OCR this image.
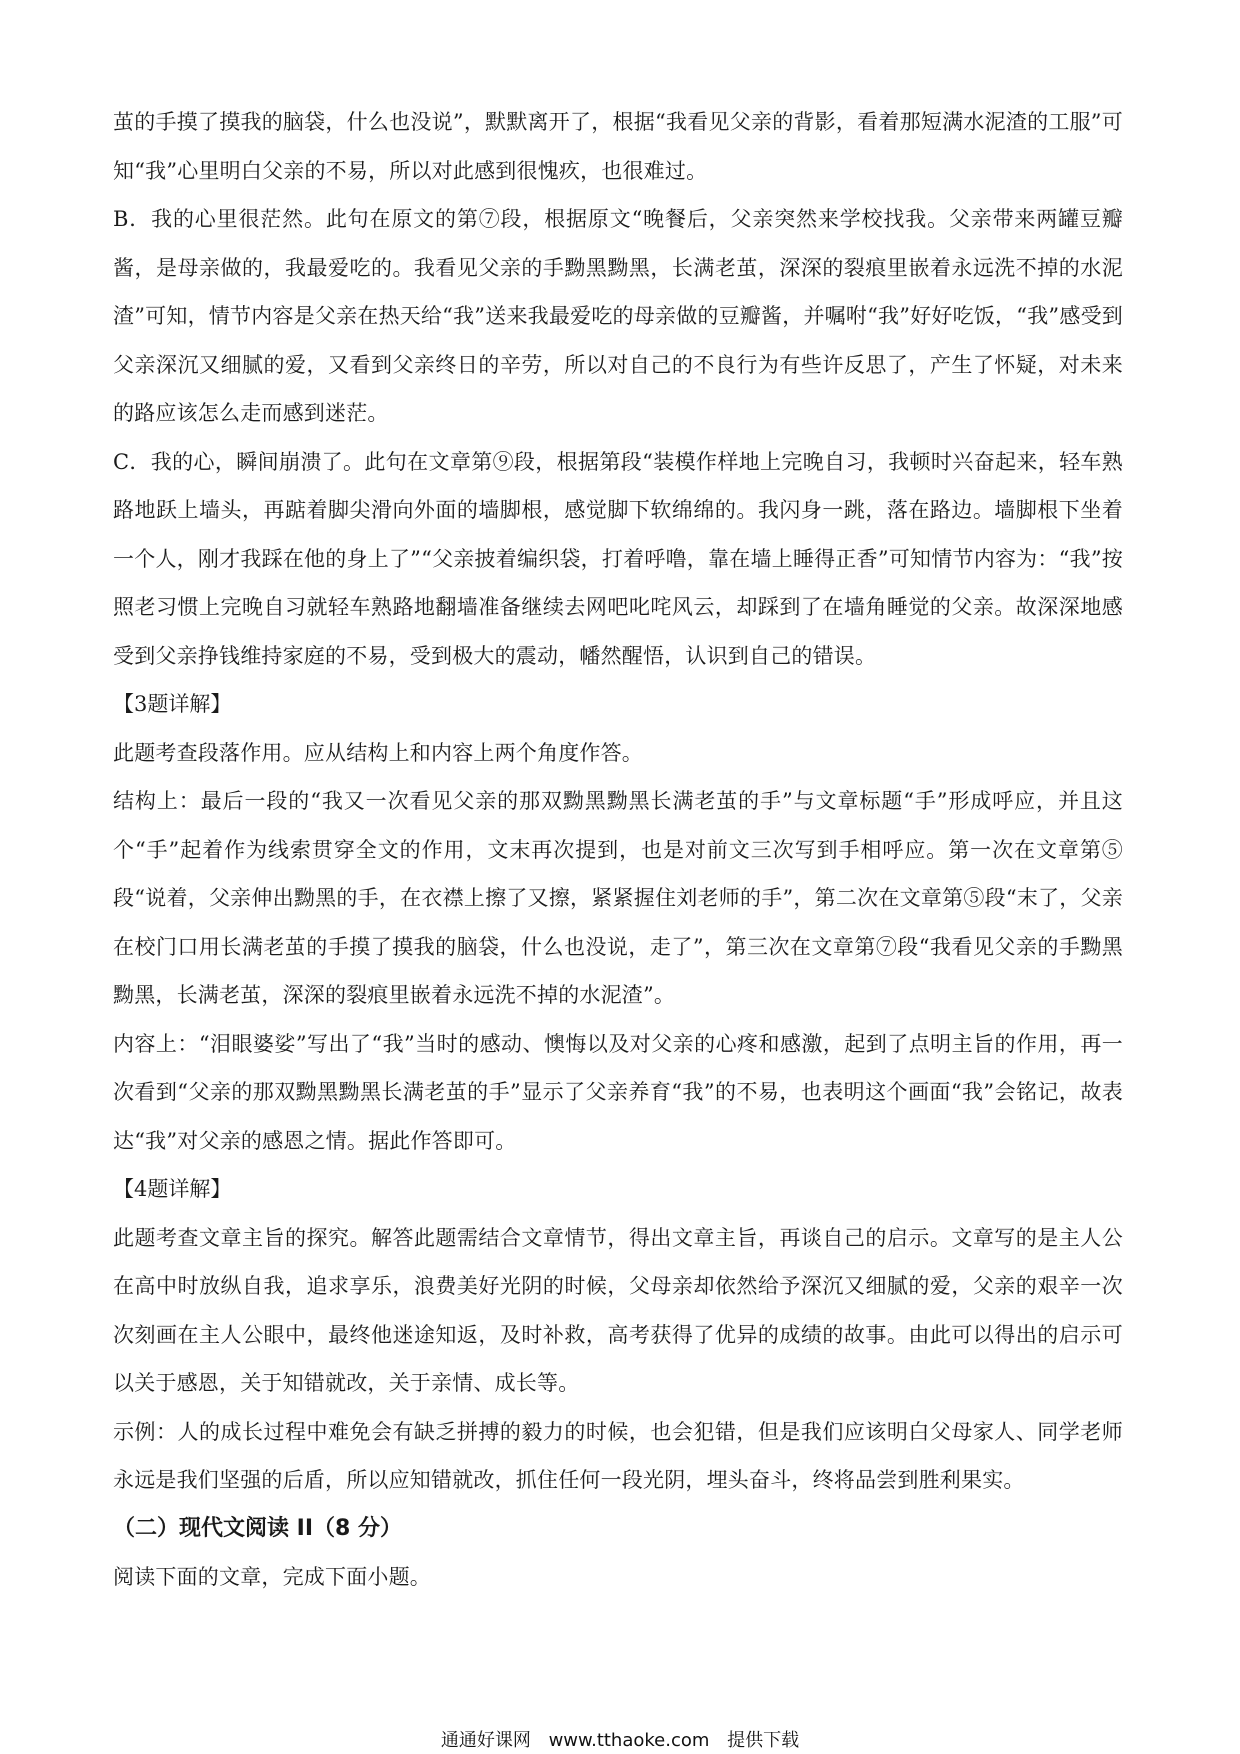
茧的手摸了摸我的脑袋，什么也没说”，默默离开了，根据“我看见父亲的背影，看着那短满水泥渣的工服”可知“我”心里明白父亲的不易，所以对此感到很愧疚，也很难过。

B．我的心里很茫然。此句在原文的第⑦段，根据原文“晚餐后，父亲突然来学校找我。父亲带来两罐豆瓣酱，是母亲做的，我最爱吃的。我看见父亲的手黝黑黝黑，长满老茧，深深的裂痕里嵌着永远洗不掉的水泥渣”可知，情节内容是父亲在热天给“我”送来我最爱吃的母亲做的豆瓣酱，并嘱咐“我”好好吃饭，“我”感受到父亲深沉又细腻的爱，又看到父亲终日的辛劳，所以对自己的不良行为有些许反思了，产生了怀疑，对未来的路应该怎么走而感到迷茫。

C．我的心，瞬间崩溃了。此句在文章第⑨段，根据第段“装模作样地上完晚自习，我顿时兴奋起来，轻车熟路地跃上墙头，再踮着脚尖滑向外面的墙脚根，感觉脚下软绵绵的。我闪身一跳，落在路边。墙脚根下坐着一个人，刚才我踩在他的身上了”“父亲披着编织袋，打着呼噜，靠在墙上睡得正香”可知情节内容为：“我”按照老习惯上完晚自习就轻车熟路地翻墙准备继续去网吧叱咤风云，却踩到了在墙角睡觉的父亲。故深深地感受到父亲挣钱维持家庭的不易，受到极大的震动，幡然醒悟，认识到自己的错误。

【3题详解】

此题考查段落作用。应从结构上和内容上两个角度作答。

结构上：最后一段的“我又一次看见父亲的那双黝黑黝黑长满老茧的手”与文章标题“手”形成呼应，并且这个“手”起着作为线索贯穿全文的作用，文末再次提到，也是对前文三次写到手相呼应。第一次在文章第⑤段“说着，父亲伸出黝黑的手，在衣襟上擦了又擦，紧紧握住刘老师的手”，第二次在文章第⑤段“末了，父亲在校门口用长满老茧的手摸了摸我的脑袋，什么也没说，走了”，第三次在文章第⑦段“我看见父亲的手黝黑黝黑，长满老茧，深深的裂痕里嵌着永远洗不掉的水泥渣”。

内容上：“泪眼婆娑”写出了“我”当时的感动、懊悔以及对父亲的心疼和感激，起到了点明主旨的作用，再一次看到“父亲的那双黝黑黝黑长满老茧的手”显示了父亲养育“我”的不易，也表明这个画面“我”会铭记，故表达“我”对父亲的感恩之情。据此作答即可。

【4题详解】

此题考查文章主旨的探究。解答此题需结合文章情节，得出文章主旨，再谈自己的启示。文章写的是主人公在高中时放纵自我，追求享乐，浪费美好光阴的时候，父母亲却依然给予深沉又细腻的爱，父亲的艰辛一次次刻画在主人公眼中，最终他迷途知返，及时补救，高考获得了优异的成绩的故事。由此可以得出的启示可以关于感恩，关于知错就改，关于亲情、成长等。

示例：人的成长过程中难免会有缺乏拼搏的毅力的时候，也会犯错，但是我们应该明白父母家人、同学老师永远是我们坚强的后盾，所以应知错就改，抓住任何一段光阴，埋头奋斗，终将品尝到胜利果实。

（二）现代文阅读 II（8 分）

阅读下面的文章，完成下面小题。

通通好课网 www.tthaoke.com 提供下载
